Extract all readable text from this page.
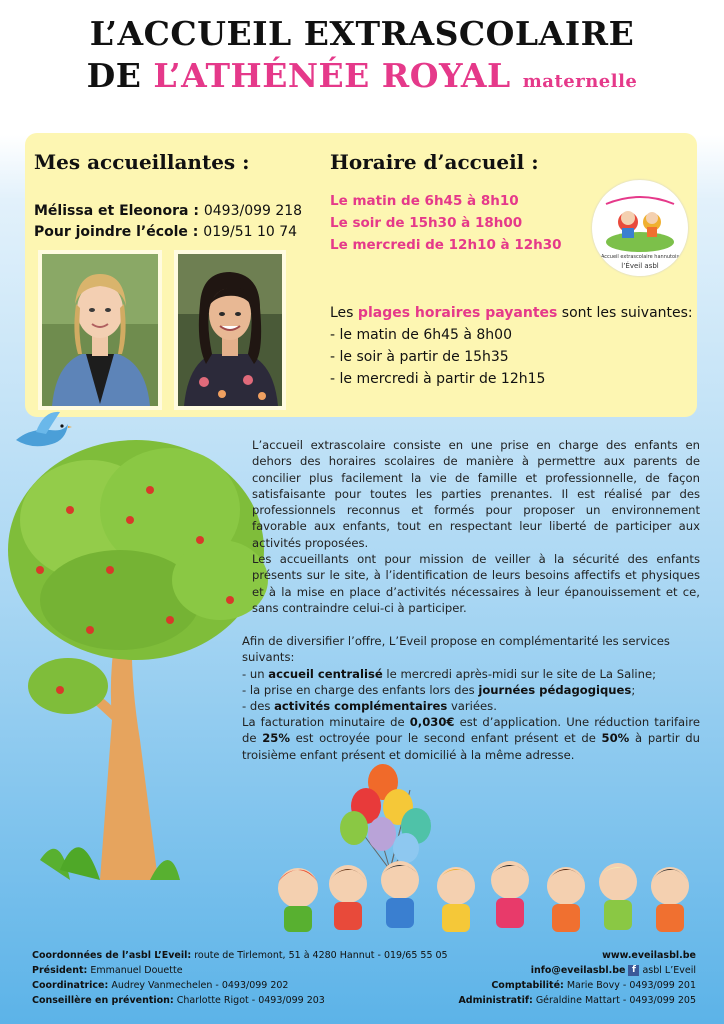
L’ACCUEIL EXTRASCOLAIRE
DE L’ATHÉNÉE ROYAL maternelle
Mes accueillantes :	Horaire d’accueil :
Mélissa et Eleonora : 0493/099 218
Pour joindre l’école : 019/51 10 74
Le matin de 6h45 à 8h10
Le soir de 15h30 à 18h00
Le mercredi de 12h10 à 12h30
Accueil extrascolaire hannutois
l’Éveil asbl
Les plages horaires payantes sont les suivantes:
- le matin de 6h45 à 8h00
- le soir à partir de 15h35
- le mercredi à partir de 12h15

L’accueil extrascolaire consiste en une prise en charge des enfants en dehors des horaires scolaires de manière à permettre aux parents de concilier plus facilement la vie de famille et professionnelle, de façon satisfaisante pour toutes les parties prenantes. Il est réalisé par des professionnels reconnus et formés pour proposer un environnement favorable aux enfants, tout en respectant leur liberté de participer aux activités proposées.

Les accueillants ont pour mission de veiller à la sécurité des enfants présents sur le site, à l’identification de leurs besoins affectifs et physiques et à la mise en place d’activités nécessaires à leur épanouissement et ce, sans contraindre celui-ci à participer.

Afin de diversifier l’offre, L’Eveil propose en complémentarité les services suivants:

- un accueil centralisé le mercredi après-midi sur le site de La Saline;

- la prise en charge des enfants lors des journées pédagogiques;

- des activités complémentaires variées.

La facturation minutaire de 0,030€ est d’application. Une réduction tarifaire de 25% est octroyée pour le second enfant présent et de 50% à partir du troisième enfant présent et domicilié à la même adresse.

Coordonnées de l’asbl L’Eveil: route de Tirlemont, 51 à 4280 Hannut - 019/65 55 05
Président: Emmanuel Douette
Coordinatrice: Audrey Vanmechelen - 0493/099 202
Conseillère en prévention: Charlotte Rigot - 0493/099 203
www.eveilasbl.be
info@eveilasbl.be f asbl L’Eveil
Comptabilité: Marie Bovy - 0493/099 201
Administratif: Géraldine Mattart - 0493/099 205
